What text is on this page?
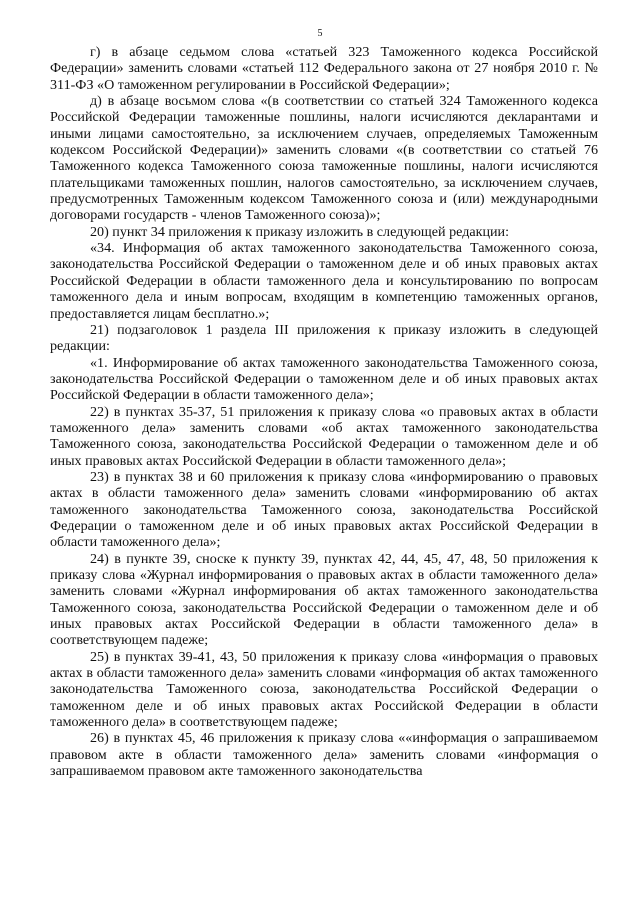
5

г) в абзаце седьмом слова «статьей 323 Таможенного кодекса Российской Федерации» заменить словами «статьей 112 Федерального закона от 27 ноября 2010 г. № 311-ФЗ «О таможенном регулировании в Российской Федерации»;

д) в абзаце восьмом слова «(в соответствии со статьей 324 Таможенного кодекса Российской Федерации таможенные пошлины, налоги исчисляются декларантами и иными лицами самостоятельно, за исключением случаев, определяемых Таможенным кодексом Российской Федерации)» заменить словами «(в соответствии со статьей 76 Таможенного кодекса Таможенного союза таможенные пошлины, налоги исчисляются плательщиками таможенных пошлин, налогов самостоятельно, за исключением случаев, предусмотренных Таможенным кодексом Таможенного союза и (или) международными договорами государств - членов Таможенного союза)»;

20) пункт 34 приложения к приказу изложить в следующей редакции:

«34. Информация об актах таможенного законодательства Таможенного союза, законодательства Российской Федерации о таможенном деле и об иных правовых актах Российской Федерации в области таможенного дела и консультированию по вопросам таможенного дела и иным вопросам, входящим в компетенцию таможенных органов, предоставляется лицам бесплатно.»;

21) подзаголовок 1 раздела III приложения к приказу изложить в следующей редакции:

«1. Информирование об актах таможенного законодательства Таможенного союза, законодательства Российской Федерации о таможенном деле и об иных правовых актах Российской Федерации в области таможенного дела»;

22) в пунктах 35-37, 51 приложения к приказу слова «о правовых актах в области таможенного дела» заменить словами «об актах таможенного законодательства Таможенного союза, законодательства Российской Федерации о таможенном деле и об иных правовых актах Российской Федерации в области таможенного дела»;

23) в пунктах 38 и 60 приложения к приказу слова «информированию о правовых актах в области таможенного дела» заменить словами «информированию об актах таможенного законодательства Таможенного союза, законодательства Российской Федерации о таможенном деле и об иных правовых актах Российской Федерации в области таможенного дела»;

24) в пункте 39, сноске к пункту 39, пунктах 42, 44, 45, 47, 48, 50 приложения к приказу слова «Журнал информирования о правовых актах в области таможенного дела» заменить словами «Журнал информирования об актах таможенного законодательства Таможенного союза, законодательства Российской Федерации о таможенном деле и об иных правовых актах Российской Федерации в области таможенного дела» в соответствующем падеже;

25) в пунктах 39-41, 43, 50 приложения к приказу слова «информация о правовых актах в области таможенного дела» заменить словами «информация об актах таможенного законодательства Таможенного союза, законодательства Российской Федерации о таможенном деле и об иных правовых актах Российской Федерации в области таможенного дела» в соответствующем падеже;

26) в пунктах 45, 46 приложения к приказу слова ««информация о запрашиваемом правовом акте в области таможенного дела» заменить словами «информация о запрашиваемом правовом акте таможенного законодательства
